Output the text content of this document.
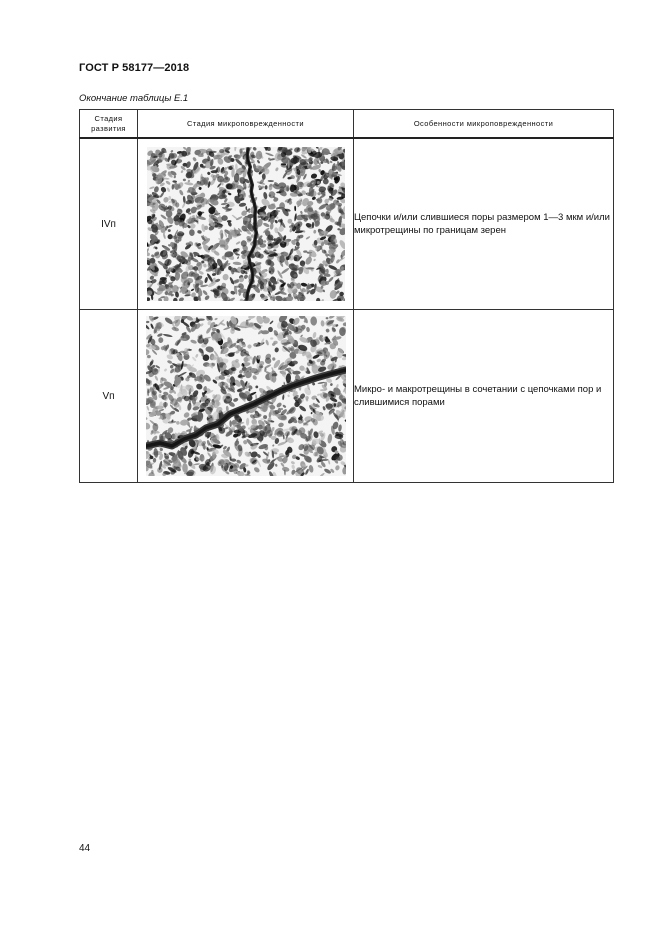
ГОСТ Р 58177—2018
Окончание таблицы Е.1
Стадия развития	Стадия микроповрежденности	Особенности микроповрежденности
IVп		Цепочки и/или слившиеся поры размером 1—3 мкм и/или микротрещины по границам зерен
Vп		Микро- и макротрещины в сочетании с цепочками пор и слившимися порами
44
